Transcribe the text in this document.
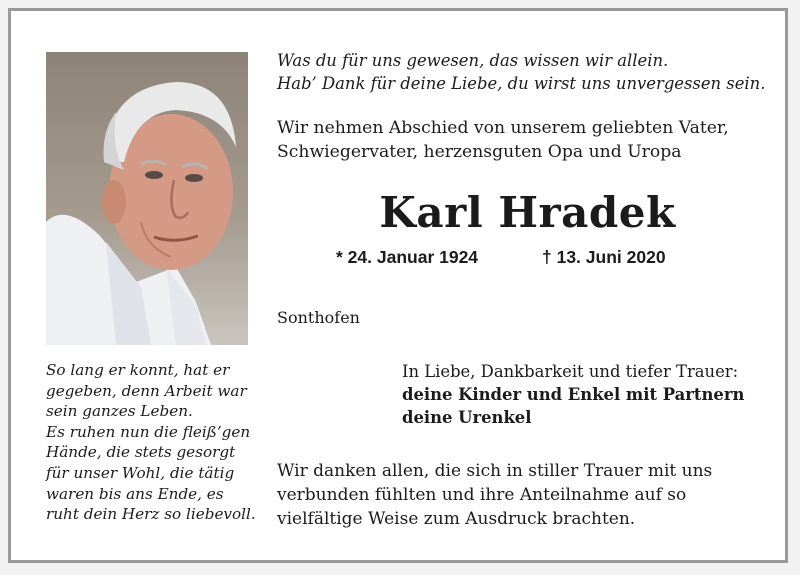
Was du für uns gewesen, das wissen wir allein.
Hab’ Dank für deine Liebe, du wirst uns unvergessen sein.
Wir nehmen Abschied von unserem geliebten Vater,
Schwiegervater, herzensguten Opa und Uropa
Karl Hradek
* 24. Januar 1924	† 13. Juni 2020
Sonthofen
So lang er konnt, hat er
gegeben, denn Arbeit war
sein ganzes Leben.
Es ruhen nun die fleiß’gen
Hände, die stets gesorgt
für unser Wohl, die tätig
waren bis ans Ende, es
ruht dein Herz so liebevoll.
In Liebe, Dankbarkeit und tiefer Trauer:
deine Kinder und Enkel mit Partnern
deine Urenkel
Wir danken allen, die sich in stiller Trauer mit uns
verbunden fühlten und ihre Anteilnahme auf so
vielfältige Weise zum Ausdruck brachten.
